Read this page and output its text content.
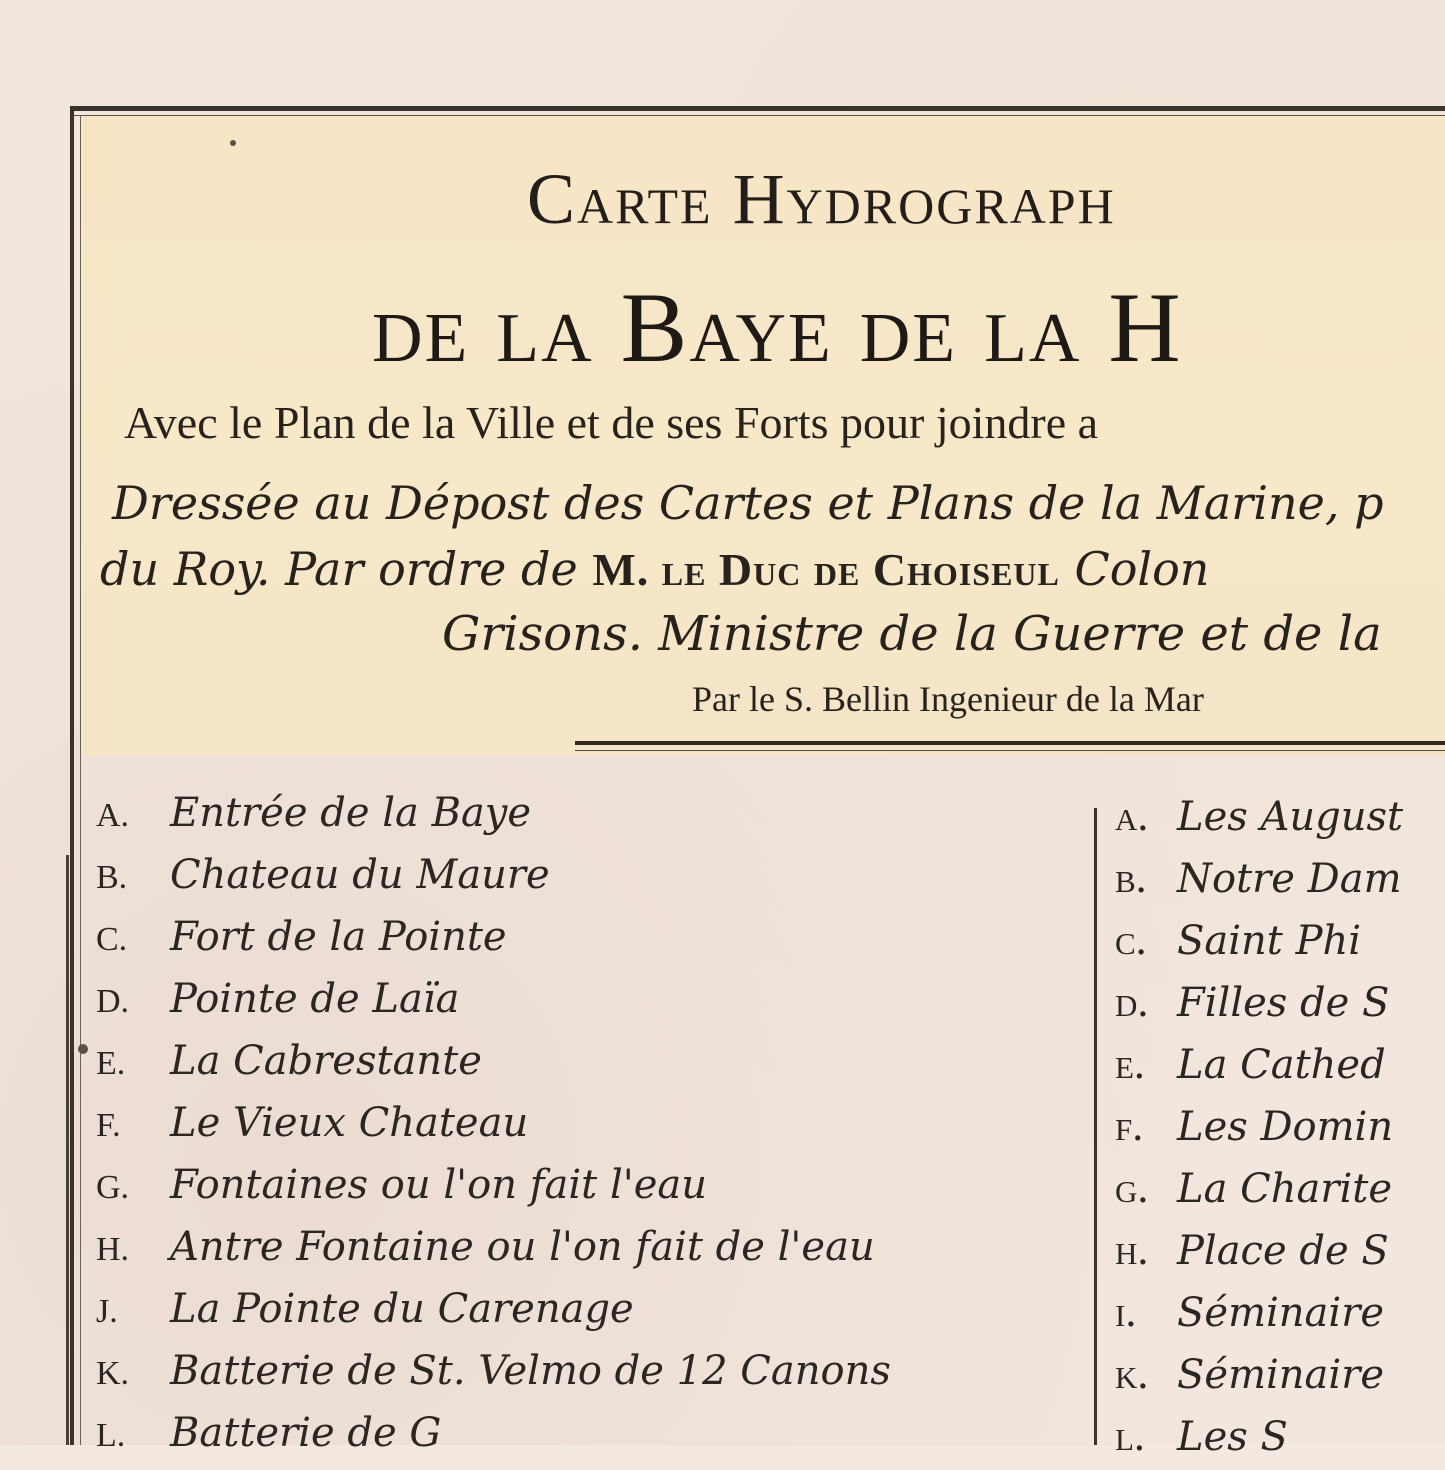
Carte Hydrograph
de la Baye de la H
Avec le Plan de la Ville et de ses Forts pour joindre a
Dressée au Dépost des Cartes et Plans de la Marine, p
du Roy. Par ordre de M. le Duc de Choiseul Colon
Grisons. Ministre de la Guerre et de la
Par le S. Bellin Ingenieur de la Mar
A. Entrée de la Baye
B. Chateau du Maure
C. Fort de la Pointe
D. Pointe de Laïa
E. La Cabrestante
F. Le Vieux Chateau
G. Fontaines ou l'on fait l'eau
H. Antre Fontaine ou l'on fait de l'eau
J. La Pointe du Carenage
K. Batterie de St. Velmo de 12 Canons
L. Batterie de G
a. Les August
b. Notre Dam
c. Saint Phi
d. Filles de S
e. La Cathed
f. Les Domin
g. La Charite
h. Place de S
i. Séminaire
k. Séminaire
l. Les S
